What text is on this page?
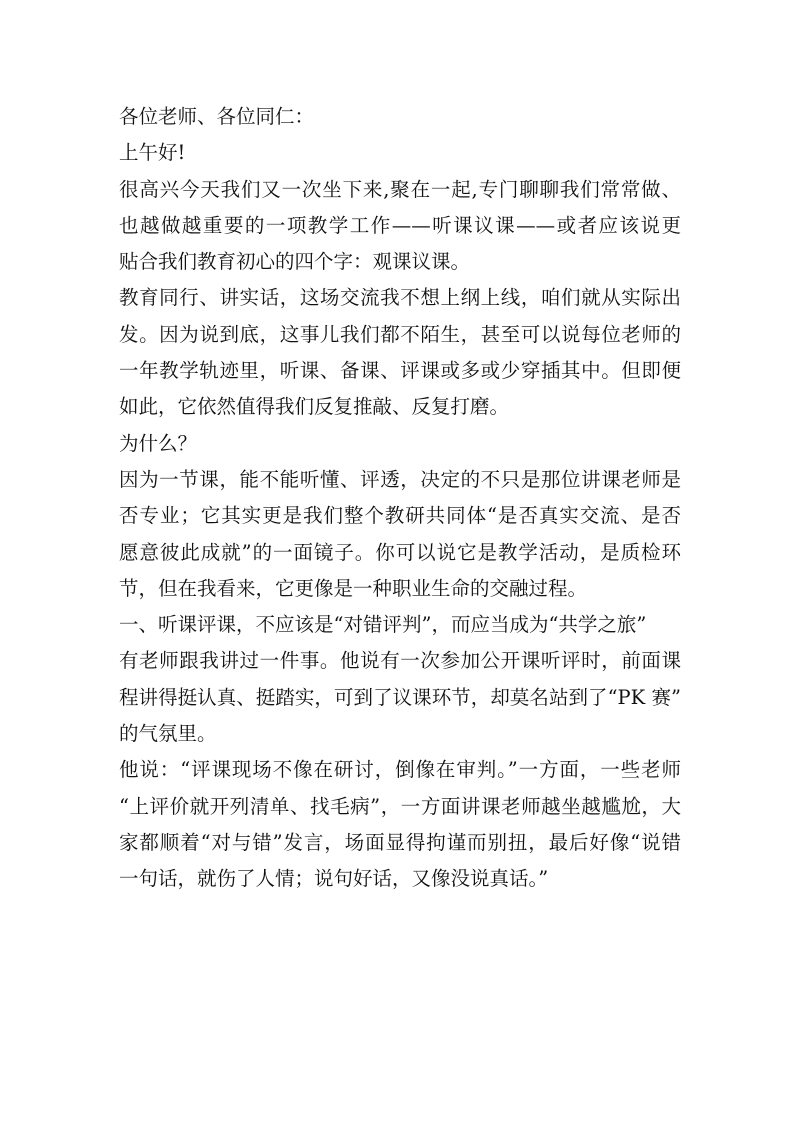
各位老师、各位同仁：
上午好!
很高兴今天我们又一次坐下来,聚在一起,专门聊聊我们常常做、
也越做越重要的一项教学工作——听课议课——或者应该说更
贴合我们教育初心的四个字：观课议课。
教育同行、讲实话，这场交流我不想上纲上线，咱们就从实际出
发。因为说到底，这事儿我们都不陌生，甚至可以说每位老师的
一年教学轨迹里，听课、备课、评课或多或少穿插其中。但即便
如此，它依然值得我们反复推敲、反复打磨。
为什么？
因为一节课，能不能听懂、评透，决定的不只是那位讲课老师是
否专业；它其实更是我们整个教研共同体“是否真实交流、是否
愿意彼此成就”的一面镜子。你可以说它是教学活动，是质检环
节，但在我看来，它更像是一种职业生命的交融过程。
一、听课评课，不应该是“对错评判”，而应当成为“共学之旅”
有老师跟我讲过一件事。他说有一次参加公开课听评时，前面课
程讲得挺认真、挺踏实，可到了议课环节，却莫名站到了“PK 赛”
的气氛里。
他说：“评课现场不像在研讨，倒像在审判。”一方面，一些老师
“上评价就开列清单、找毛病”，一方面讲课老师越坐越尴尬，大
家都顺着“对与错”发言，场面显得拘谨而别扭，最后好像“说错
一句话，就伤了人情；说句好话，又像没说真话。”
